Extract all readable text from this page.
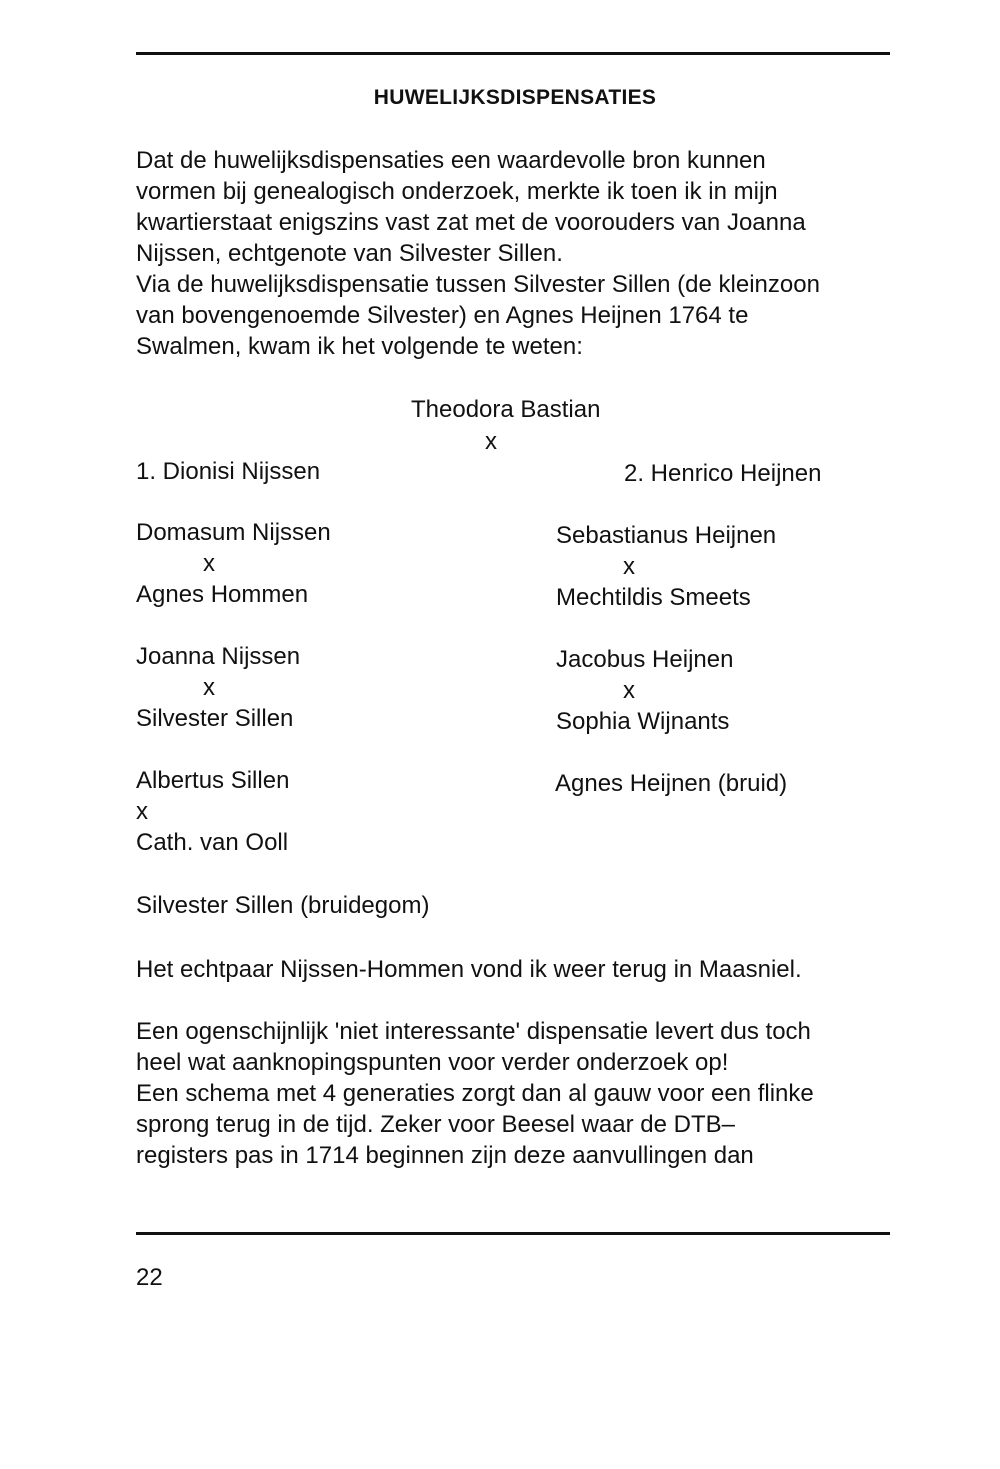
HUWELIJKSDISPENSATIES
Dat de huwelijksdispensaties een waardevolle bron kunnen
vormen bij genealogisch onderzoek, merkte ik toen ik in mijn
kwartierstaat enigszins vast zat met de voorouders van Joanna
Nijssen, echtgenote van Silvester Sillen.
Via de huwelijksdispensatie tussen Silvester Sillen (de kleinzoon
van bovengenoemde Silvester) en Agnes Heijnen 1764 te
Swalmen, kwam ik het volgende te weten:
Theodora Bastian
x
1. Dionisi Nijssen	2. Henrico Heijnen
Domasum Nijssen
x
Agnes Hommen
Sebastianus Heijnen
x
Mechtildis Smeets
Joanna Nijssen
x
Silvester Sillen
Jacobus Heijnen
x
Sophia Wijnants
Albertus Sillen
x
Cath. van Ooll
Agnes Heijnen (bruid)
Silvester Sillen (bruidegom)
Het echtpaar Nijssen-Hommen vond ik weer terug in Maasniel.
Een ogenschijnlijk 'niet interessante' dispensatie levert dus toch
heel wat aanknopingspunten voor verder onderzoek op!
Een schema met 4 generaties zorgt dan al gauw voor een flinke
sprong terug in de tijd. Zeker voor Beesel waar de DTB–
registers pas in 1714 beginnen zijn deze aanvullingen dan
22
